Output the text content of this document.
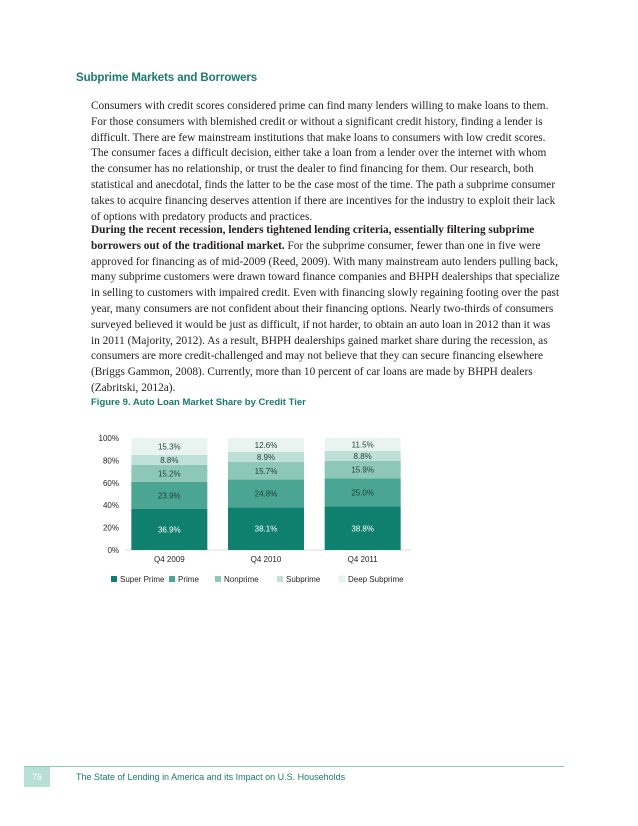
Subprime Markets and Borrowers

Consumers with credit scores considered prime can find many lenders willing to make loans to them. For those consumers with blemished credit or without a significant credit history, finding a lender is difficult. There are few mainstream institutions that make loans to consumers with low credit scores. The consumer faces a difficult decision, either take a loan from a lender over the internet with whom the consumer has no relationship, or trust the dealer to find financing for them. Our research, both statistical and anecdotal, finds the latter to be the case most of the time. The path a subprime consumer takes to acquire financing deserves attention if there are incentives for the industry to exploit their lack of options with predatory products and practices.

During the recent recession, lenders tightened lending criteria, essentially filtering subprime borrowers out of the traditional market. For the subprime consumer, fewer than one in five were approved for financing as of mid-2009 (Reed, 2009). With many mainstream auto lenders pulling back, many subprime customers were drawn toward finance companies and BHPH dealerships that specialize in selling to customers with impaired credit. Even with financing slowly regaining footing over the past year, many consumers are not confident about their financing options. Nearly two-thirds of consumers surveyed believed it would be just as difficult, if not harder, to obtain an auto loan in 2012 than it was in 2011 (Majority, 2012). As a result, BHPH dealerships gained market share during the recession, as consumers are more credit-challenged and may not believe that they can secure financing elsewhere (Briggs Gammon, 2008). Currently, more than 10 percent of car loans are made by BHPH dealers (Zabritski, 2012a).

Figure 9. Auto Loan Market Share by Credit Tier
0%
20%
40%
60%
80%
100%
36.9%
23.9%
15.2%
8.8%
15.3%
Q4 2009
38.1%
24.8%
15.7%
8.9%
12.6%
Q4 2010
38.8%
25.0%
15.9%
8.8%
11.5%
Q4 2011
Super Prime Prime	Nonprime	Subprime	Deep Subprime
76	The State of Lending in America and its Impact on U.S. Households
